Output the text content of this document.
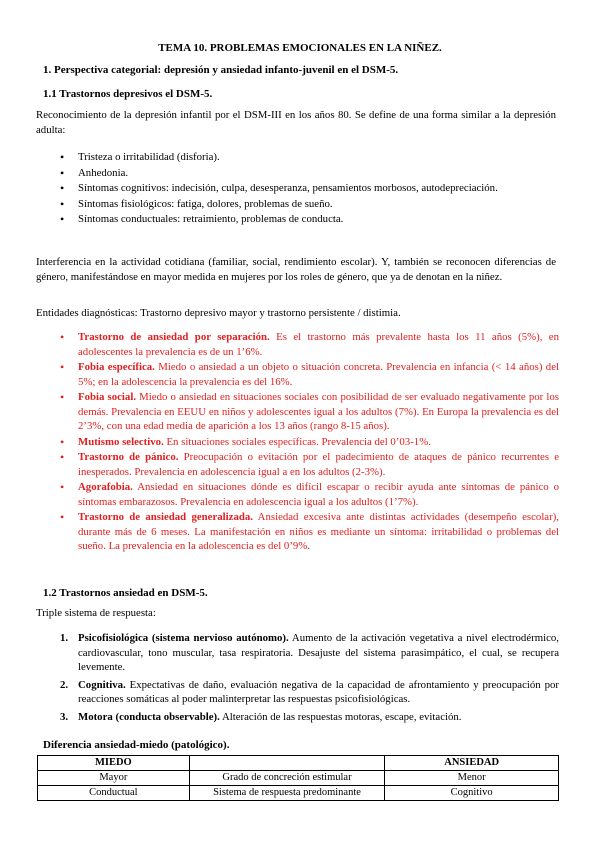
TEMA 10. PROBLEMAS EMOCIONALES EN LA NIÑEZ.
1. Perspectiva categorial: depresión y ansiedad infanto-juvenil en el DSM-5.
1.1 Trastornos depresivos el DSM-5.
Reconocimiento de la depresión infantil por el DSM-III en los años 80. Se define de una forma similar a la depresión adulta:
• Tristeza o irritabilidad (disforia).
• Anhedonia.
• Síntomas cognitivos: indecisión, culpa, desesperanza, pensamientos morbosos, autodepreciación.
• Síntomas fisiológicos: fatiga, dolores, problemas de sueño.
• Síntomas conductuales: retraimiento, problemas de conducta.
Interferencia en la actividad cotidiana (familiar, social, rendimiento escolar). Y, también se reconocen diferencias de género, manifestándose en mayor medida en mujeres por los roles de género, que ya de denotan en la niñez.
Entidades diagnósticas: Trastorno depresivo mayor y trastorno persistente / distimia.
• Trastorno de ansiedad por separación. Es el trastorno más prevalente hasta los 11 años (5%), en adolescentes la prevalencia es de un 1’6%.
• Fobia específica. Miedo o ansiedad a un objeto o situación concreta. Prevalencia en infancia (< 14 años) del 5%; en la adolescencia la prevalencia es del 16%.
• Fobia social. Miedo o ansiedad en situaciones sociales con posibilidad de ser evaluado negativamente por los demás. Prevalencia en EEUU en niños y adolescentes igual a los adultos (7%). En Europa la prevalencia es del 2’3%, con una edad media de aparición a los 13 años (rango 8-15 años).
• Mutismo selectivo. En situaciones sociales específicas. Prevalencia del 0’03-1%.
• Trastorno de pánico. Preocupación o evitación por el padecimiento de ataques de pánico recurrentes e inesperados. Prevalencia en adolescencia igual a en los adultos (2-3%).
• Agorafobia. Ansiedad en situaciones dónde es difícil escapar o recibir ayuda ante síntomas de pánico o síntomas embarazosos. Prevalencia en adolescencia igual a los adultos (1’7%).
• Trastorno de ansiedad generalizada. Ansiedad excesiva ante distintas actividades (desempeño escolar), durante más de 6 meses. La manifestación en niños es mediante un síntoma: irritabilidad o problemas del sueño. La prevalencia en la adolescencia es del 0’9%.
1.2 Trastornos ansiedad en DSM-5.
Triple sistema de respuesta:
1. Psicofisiológica (sistema nervioso autónomo). Aumento de la activación vegetativa a nivel electrodérmico, cardiovascular, tono muscular, tasa respiratoria. Desajuste del sistema parasimpático, el cual, se recupera levemente.
2. Cognitiva. Expectativas de daño, evaluación negativa de la capacidad de afrontamiento y preocupación por reacciones somáticas al poder malinterpretar las respuestas psicofisiológicas.
3. Motora (conducta observable). Alteración de las respuestas motoras, escape, evitación.
Diferencia ansiedad-miedo (patológico).
MIEDO		ANSIEDAD
Mayor	Grado de concreción estimular	Menor
Conductual	Sistema de respuesta predominante	Cognitivo
